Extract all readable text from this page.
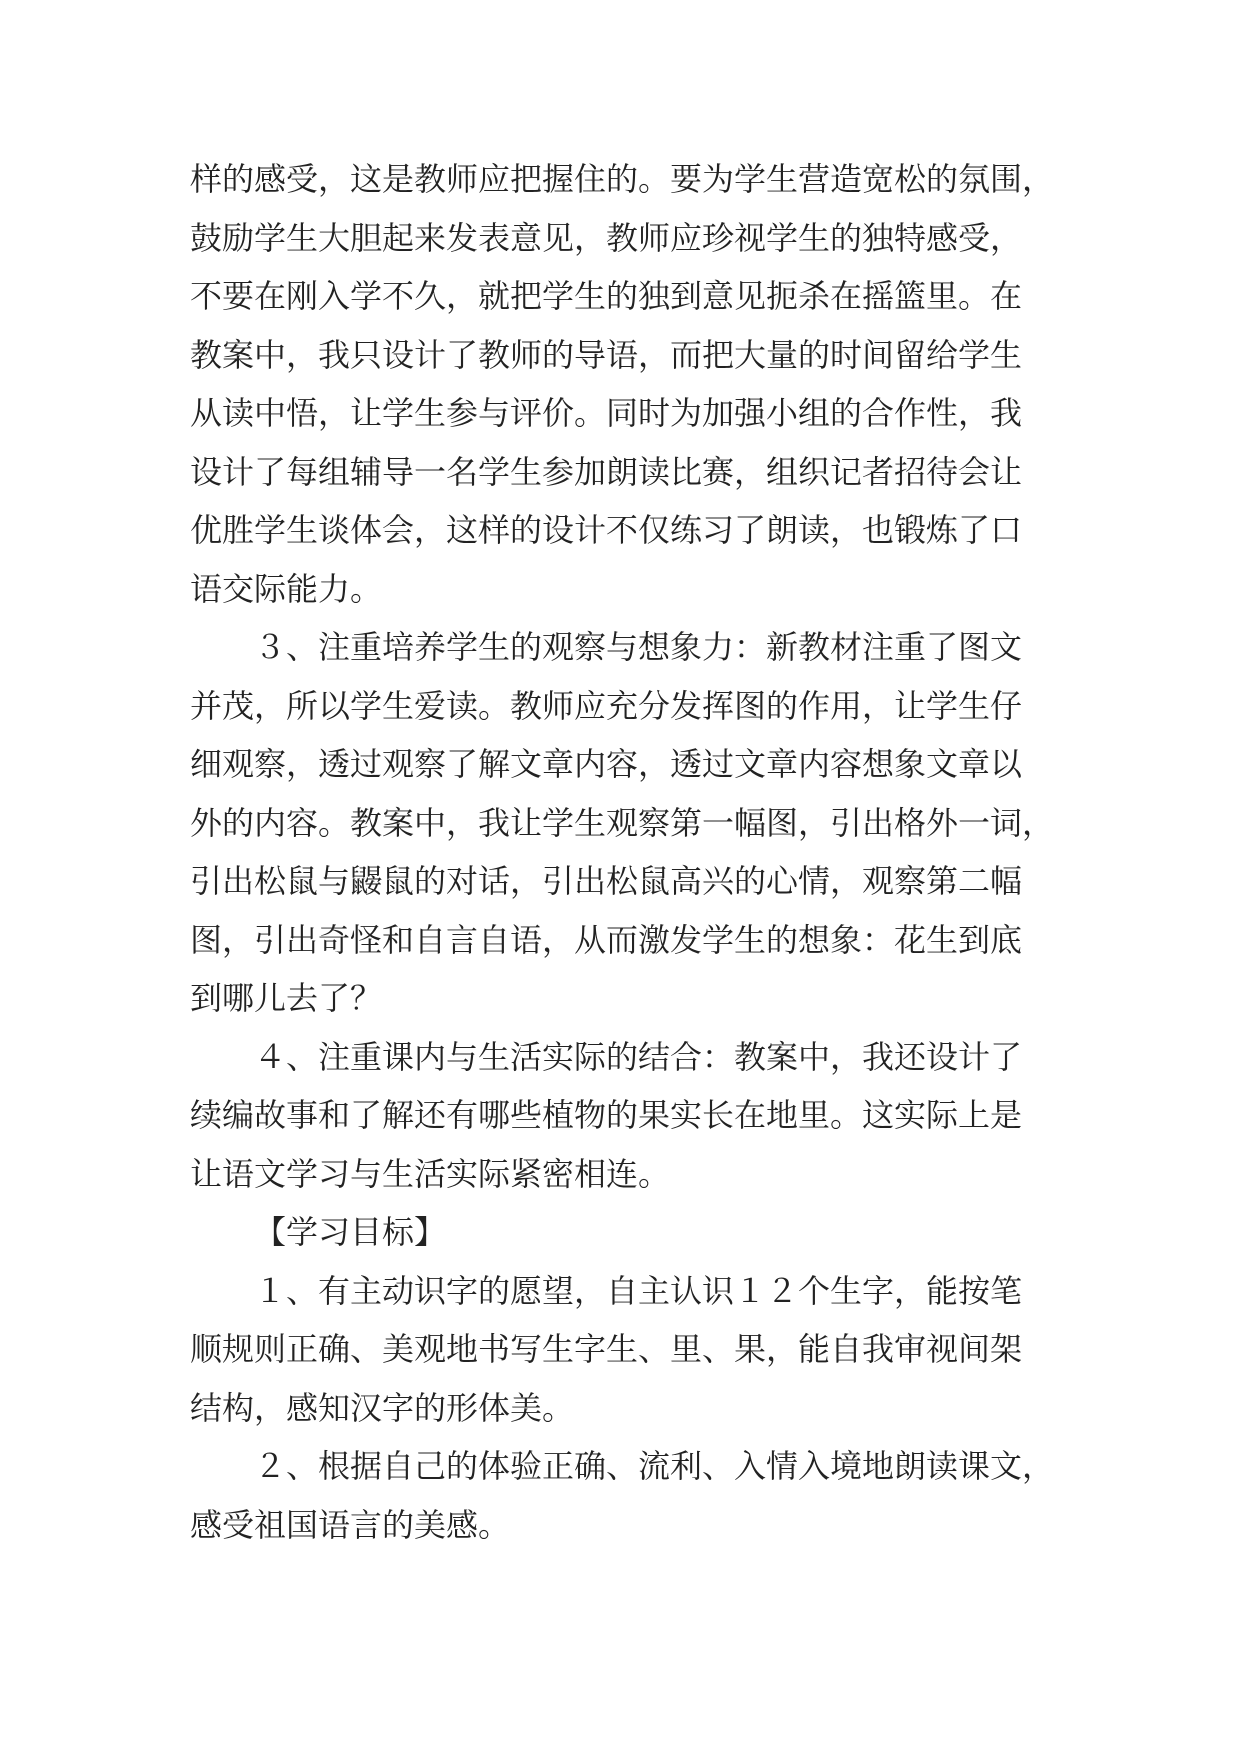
样的感受，这是教师应把握住的。要为学生营造宽松的氛围，
鼓励学生大胆起来发表意见，教师应珍视学生的独特感受，
不要在刚入学不久，就把学生的独到意见扼杀在摇篮里。在
教案中，我只设计了教师的导语，而把大量的时间留给学生
从读中悟，让学生参与评价。同时为加强小组的合作性，我
设计了每组辅导一名学生参加朗读比赛，组织记者招待会让
优胜学生谈体会，这样的设计不仅练习了朗读，也锻炼了口
语交际能力。
３、注重培养学生的观察与想象力：新教材注重了图文
并茂，所以学生爱读。教师应充分发挥图的作用，让学生仔
细观察，透过观察了解文章内容，透过文章内容想象文章以
外的内容。教案中，我让学生观察第一幅图，引出格外一词，
引出松鼠与鼹鼠的对话，引出松鼠高兴的心情，观察第二幅
图，引出奇怪和自言自语，从而激发学生的想象：花生到底
到哪儿去了？
４、注重课内与生活实际的结合：教案中，我还设计了
续编故事和了解还有哪些植物的果实长在地里。这实际上是
让语文学习与生活实际紧密相连。
【学习目标】
１、有主动识字的愿望，自主认识１２个生字，能按笔
顺规则正确、美观地书写生字生、里、果，能自我审视间架
结构，感知汉字的形体美。
２、根据自己的体验正确、流利、入情入境地朗读课文，
感受祖国语言的美感。
